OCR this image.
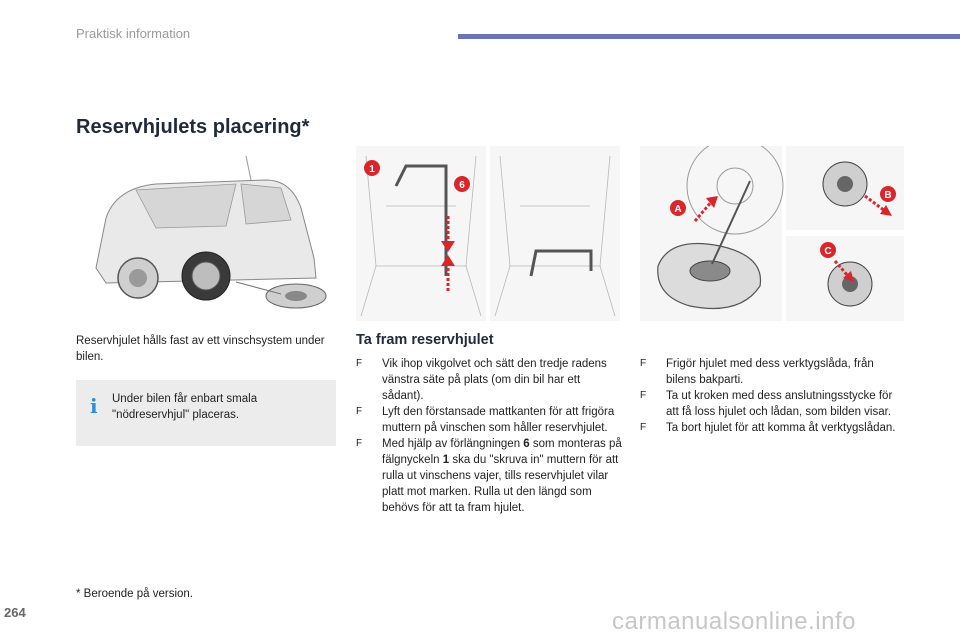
Praktisk information
Reservhjulets placering*
1
6
A
B
C

Reservhjulet hålls fast av ett vinschsystem under bilen.

i Under bilen får enbart smala "nödreservhjul" placeras.

Ta fram reservhjulet
F Vik ihop vikgolvet och sätt den tredje radens vänstra säte på plats (om din bil har ett sådant).
F Lyft den förstansade mattkanten för att frigöra muttern på vinschen som håller reservhjulet.
F Med hjälp av förlängningen 6 som monteras på fälgnyckeln 1 ska du "skruva in" muttern för att rulla ut vinschens vajer, tills reservhjulet vilar platt mot marken. Rulla ut den längd som behövs för att ta fram hjulet.
F Frigör hjulet med dess verktygslåda, från bilens bakparti.
F Ta ut kroken med dess anslutningsstycke för att få loss hjulet och lådan, som bilden visar.
F Ta bort hjulet för att komma åt verktygslådan.

* Beroende på version.

264	carmanualsonline.info
